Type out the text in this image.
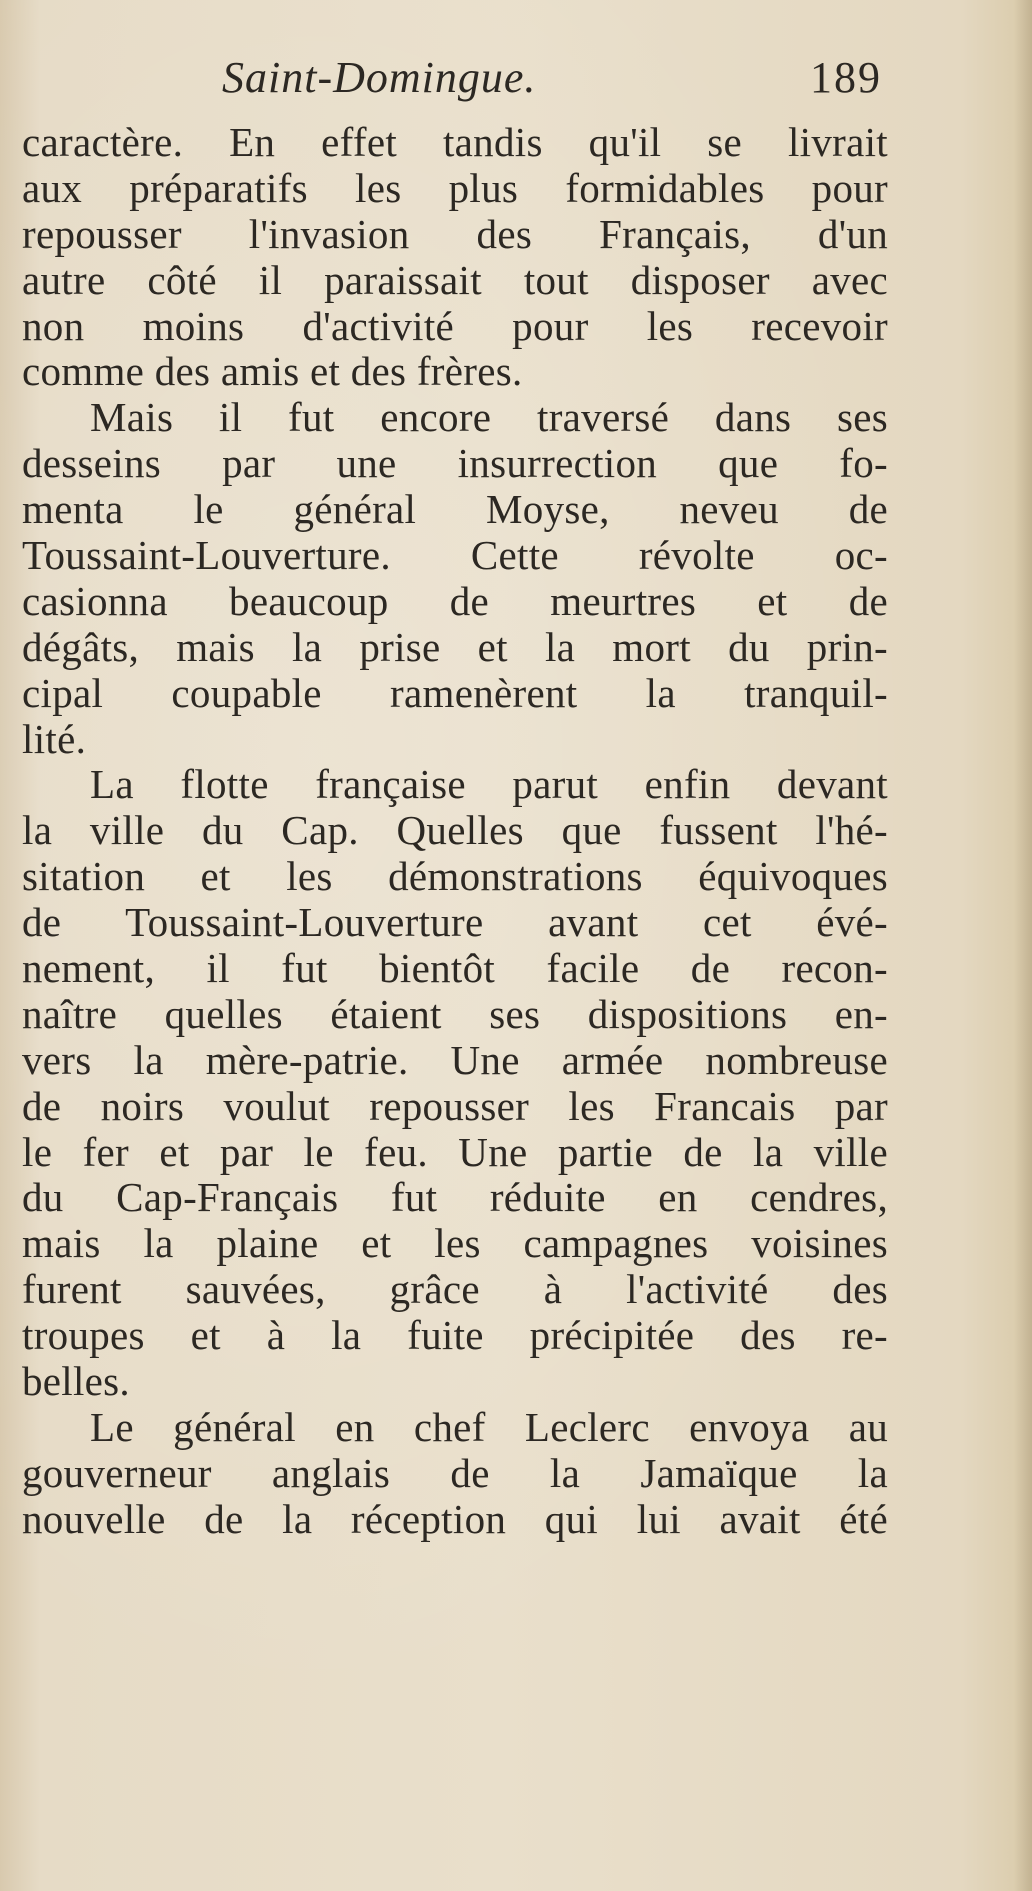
Saint-Domingue.	189
caractère. En effet tandis qu'il se livrait
aux préparatifs les plus formidables pour
repousser l'invasion des Français, d'un
autre côté il paraissait tout disposer avec
non moins d'activité pour les recevoir
comme des amis et des frères.
Mais il fut encore traversé dans ses
desseins par une insurrection que fo-
menta le général Moyse, neveu de
Toussaint-Louverture. Cette révolte oc-
casionna beaucoup de meurtres et de
dégâts, mais la prise et la mort du prin-
cipal coupable ramenèrent la tranquil-
lité.
La flotte française parut enfin devant
la ville du Cap. Quelles que fussent l'hé-
sitation et les démonstrations équivoques
de Toussaint-Louverture avant cet évé-
nement, il fut bientôt facile de recon-
naître quelles étaient ses dispositions en-
vers la mère-patrie. Une armée nombreuse
de noirs voulut repousser les Francais par
le fer et par le feu. Une partie de la ville
du Cap-Français fut réduite en cendres,
mais la plaine et les campagnes voisines
furent sauvées, grâce à l'activité des
troupes et à la fuite précipitée des re-
belles.
Le général en chef Leclerc envoya au
gouverneur anglais de la Jamaïque la
nouvelle de la réception qui lui avait été
